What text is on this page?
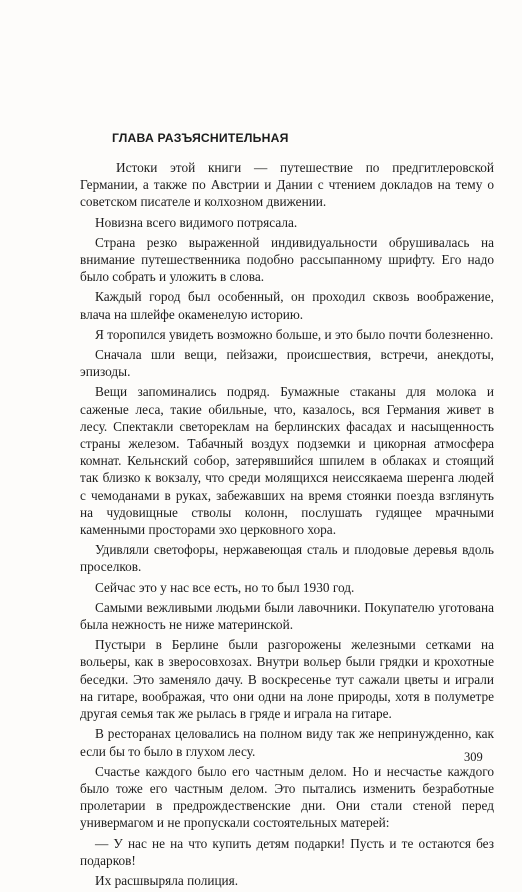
ГЛАВА РАЗЪЯСНИТЕЛЬНАЯ

Истоки этой книги — путешествие по предгитлеровской Германии, а также по Австрии и Дании с чтением докладов на тему о советском писателе и колхозном движении.

Новизна всего видимого потрясала.

Страна резко выраженной индивидуальности обрушивалась на внимание путешественника подобно рассыпанному шрифту. Его надо было собрать и уложить в слова.

Каждый город был особенный, он проходил сквозь воображение, влача на шлейфе окаменелую историю.

Я торопился увидеть возможно больше, и это было почти болезненно.

Сначала шли вещи, пейзажи, происшествия, встречи, анекдоты, эпизоды.

Вещи запоминались подряд. Бумажные стаканы для молока и саженые леса, такие обильные, что, казалось, вся Германия живет в лесу. Спектакли светореклам на берлинских фасадах и насыщенность страны железом. Табачный воздух подземки и цикорная атмосфера комнат. Кельнский собор, затерявшийся шпилем в облаках и стоящий так близко к вокзалу, что среди молящихся неиссякаема шеренга людей с чемоданами в руках, забежавших на время стоянки поезда взглянуть на чудовищные стволы колонн, послушать гудящее мрачными каменными просторами эхо церковного хора.

Удивляли светофоры, нержавеющая сталь и плодовые деревья вдоль проселков.

Сейчас это у нас все есть, но то был 1930 год.

Самыми вежливыми людьми были лавочники. Покупателю уготована была нежность не ниже материнской.

Пустыри в Берлине были разгорожены железными сетками на вольеры, как в зверосовхозах. Внутри вольер были грядки и крохотные беседки. Это заменяло дачу. В воскресенье тут сажали цветы и играли на гитаре, воображая, что они одни на лоне природы, хотя в полуметре другая семья так же рылась в гряде и играла на гитаре.

В ресторанах целовались на полном виду так же непринужденно, как если бы то было в глухом лесу.

Счастье каждого было его частным делом. Но и несчастье каждого было тоже его частным делом. Это пытались изменить безработные пролетарии в предрождественские дни. Они стали стеной перед универмагом и не пропускали состоятельных матерей:

— У нас не на что купить детям подарки! Пусть и те остаются без подарков!

Их расшвыряла полиция.

309
